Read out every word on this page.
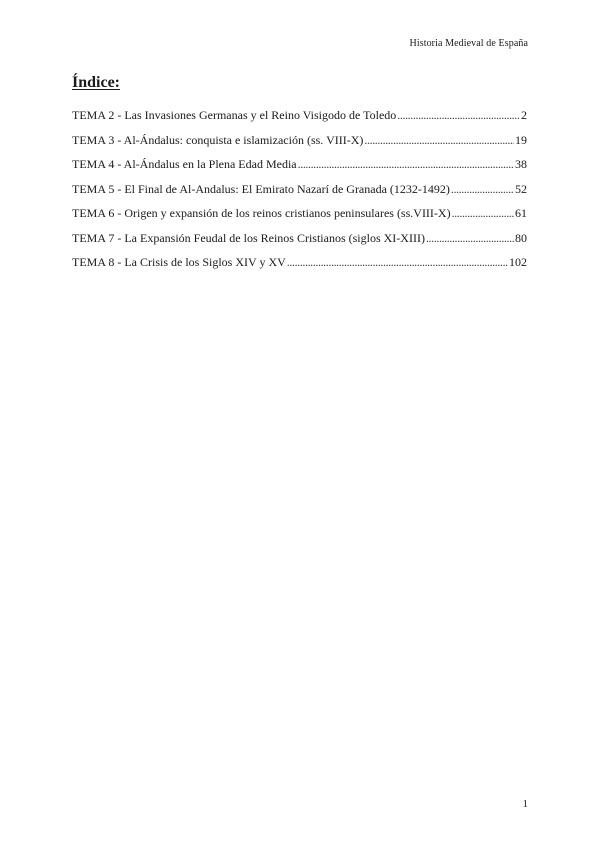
Historia Medieval de España
Índice:
TEMA 2 - Las Invasiones Germanas y el Reino Visigodo de Toledo .....	2
TEMA 3 - Al-Ándalus: conquista e islamización (ss. VIII-X) .....	19
TEMA 4 - Al-Ándalus en la Plena Edad Media .....	38
TEMA 5 - El Final de Al-Andalus: El Emirato Nazarí de Granada (1232-1492) .....	52
TEMA 6 - Origen y expansión de los reinos cristianos peninsulares (ss.VIII-X) .....	61
TEMA 7 - La Expansión Feudal de los Reinos Cristianos (siglos XI-XIII) .....	80
TEMA 8 - La Crisis de los Siglos XIV y XV .....	102
1
